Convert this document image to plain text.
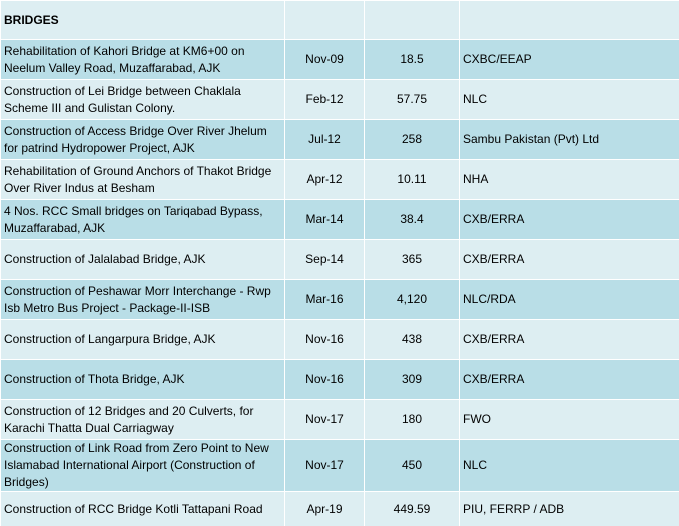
BRIDGES			
Rehabilitation of Kahori Bridge at KM6+00 on Neelum Valley Road, Muzaffarabad, AJK	Nov-09	18.5	CXBC/EEAP
Construction of Lei Bridge between Chaklala Scheme III and Gulistan Colony.	Feb-12	57.75	NLC
Construction of Access Bridge Over River Jhelum for patrind Hydropower Project, AJK	Jul-12	258	Sambu Pakistan (Pvt) Ltd
Rehabilitation of Ground Anchors of Thakot Bridge Over River Indus at Besham	Apr-12	10.11	NHA
4 Nos. RCC Small bridges on Tariqabad Bypass, Muzaffarabad, AJK	Mar-14	38.4	CXB/ERRA
Construction of Jalalabad Bridge, AJK	Sep-14	365	CXB/ERRA
Construction of Peshawar Morr Interchange - Rwp Isb Metro Bus Project - Package-II-ISB	Mar-16	4,120	NLC/RDA
Construction of Langarpura Bridge, AJK	Nov-16	438	CXB/ERRA
Construction of Thota Bridge, AJK	Nov-16	309	CXB/ERRA
Construction of 12 Bridges and 20 Culverts, for Karachi Thatta Dual Carriagway	Nov-17	180	FWO
Construction of Link Road from Zero Point to New Islamabad International Airport (Construction of Bridges)	Nov-17	450	NLC
Construction of RCC Bridge Kotli Tattapani Road	Apr-19	449.59	PIU, FERRP / ADB
